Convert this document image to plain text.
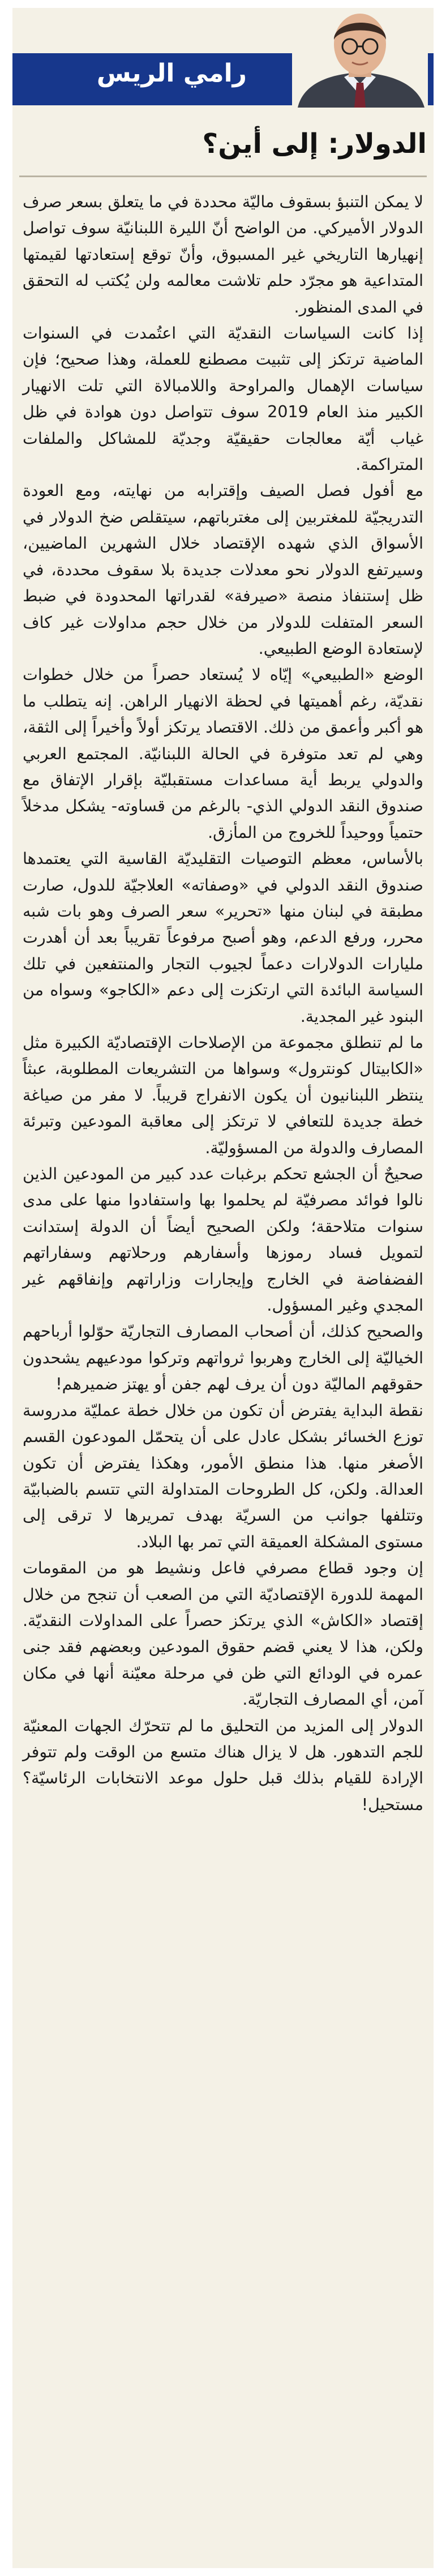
رامي الريس
الدولار: إلى أين؟

لا يمكن التنبؤ بسقوف ماليّة محددة في ما يتعلق بسعر صرف الدولار الأميركي. من الواضح أنّ الليرة اللبنانيّة سوف تواصل إنهيارها التاريخي غير المسبوق، وأنّ توقع إستعادتها لقيمتها المتداعية هو مجرّد حلم تلاشت معالمه ولن يُكتب له التحقق في المدى المنظور.

إذا كانت السياسات النقديّة التي اعتُمدت في السنوات الماضية ترتكز إلى تثبيت مصطنع للعملة، وهذا صحيح؛ فإن سياسات الإهمال والمراوحة واللامبالاة التي تلت الانهيار الكبير منذ العام 2019 سوف تتواصل دون هوادة في ظل غياب أيّة معالجات حقيقيّة وجديّة للمشاكل والملفات المتراكمة.

مع أفول فصل الصيف وإقترابه من نهايته، ومع العودة التدريجيّة للمغتربين إلى مغترباتهم، سيتقلص ضخ الدولار في الأسواق الذي شهده الإقتصاد خلال الشهرين الماضيين، وسيرتفع الدولار نحو معدلات جديدة بلا سقوف محددة، في ظل إستنفاذ منصة «صيرفة» لقدراتها المحدودة في ضبط السعر المتفلت للدولار من خلال حجم مداولات غير كاف لإستعادة الوضع الطبيعي.

الوضع «الطبيعي» إيّاه لا يُستعاد حصراً من خلال خطوات نقديّة، رغم أهميتها في لحظة الانهيار الراهن. إنه يتطلب ما هو أكبر وأعمق من ذلك. الاقتصاد يرتكز أولاً وأخيراً إلى الثقة، وهي لم تعد متوفرة في الحالة اللبنانيّة. المجتمع العربي والدولي يربط أية مساعدات مستقبليّة بإقرار الإتفاق مع صندوق النقد الدولي الذي- بالرغم من قساوته- يشكل مدخلاً حتمياً ووحيداً للخروج من المأزق.

بالأساس، معظم التوصيات التقليديّة القاسية التي يعتمدها صندوق النقد الدولي في «وصفاته» العلاجيّة للدول، صارت مطبقة في لبنان منها «تحرير» سعر الصرف وهو بات شبه محرر، ورفع الدعم، وهو أصبح مرفوعاً تقريباً بعد أن أهدرت مليارات الدولارات دعماً لجيوب التجار والمنتفعين في تلك السياسة البائدة التي ارتكزت إلى دعم «الكاجو» وسواه من البنود غير المجدية.

ما لم تنطلق مجموعة من الإصلاحات الإقتصاديّة الكبيرة مثل «الكابيتال كونترول» وسواها من التشريعات المطلوبة، عبثاً ينتظر اللبنانيون أن يكون الانفراج قريباً. لا مفر من صياغة خطة جديدة للتعافي لا ترتكز إلى معاقبة المودعين وتبرئة المصارف والدولة من المسؤوليّة.

صحيحٌ أن الجشع تحكم برغبات عدد كبير من المودعين الذين نالوا فوائد مصرفيّة لم يحلموا بها واستفادوا منها على مدى سنوات متلاحقة؛ ولكن الصحيح أيضاً أن الدولة إستدانت لتمويل فساد رموزها وأسفارهم ورحلاتهم وسفاراتهم الفضفاضة في الخارج وإيجارات وزاراتهم وإنفاقهم غير المجدي وغير المسؤول.

والصحيح كذلك، أن أصحاب المصارف التجاريّة حوّلوا أرباحهم الخياليّة إلى الخارج وهربوا ثرواتهم وتركوا مودعيهم يشحدون حقوقهم الماليّة دون أن يرف لهم جفن أو يهتز ضميرهم!

نقطة البداية يفترض أن تكون من خلال خطة عمليّة مدروسة توزع الخسائر بشكل عادل على أن يتحمّل المودعون القسم الأصغر منها. هذا منطق الأمور، وهكذا يفترض أن تكون العدالة. ولكن، كل الطروحات المتداولة التي تتسم بالضبابيّة وتتلفها جوانب من السريّة بهدف تمريرها لا ترقى إلى مستوى المشكلة العميقة التي تمر بها البلاد.

إن وجود قطاع مصرفي فاعل ونشيط هو من المقومات المهمة للدورة الإقتصاديّة التي من الصعب أن تنجح من خلال إقتصاد «الكاش» الذي يرتكز حصراً على المداولات النقديّة. ولكن، هذا لا يعني قضم حقوق المودعين وبعضهم فقد جنى عمره في الودائع التي ظن في مرحلة معيّنة أنها في مكان آمن، أي المصارف التجاريّة.

الدولار إلى المزيد من التحليق ما لم تتحرّك الجهات المعنيّة للجم التدهور. هل لا يزال هناك متسع من الوقت ولم تتوفر الإرادة للقيام بذلك قبل حلول موعد الانتخابات الرئاسيّة؟ مستحيل!
